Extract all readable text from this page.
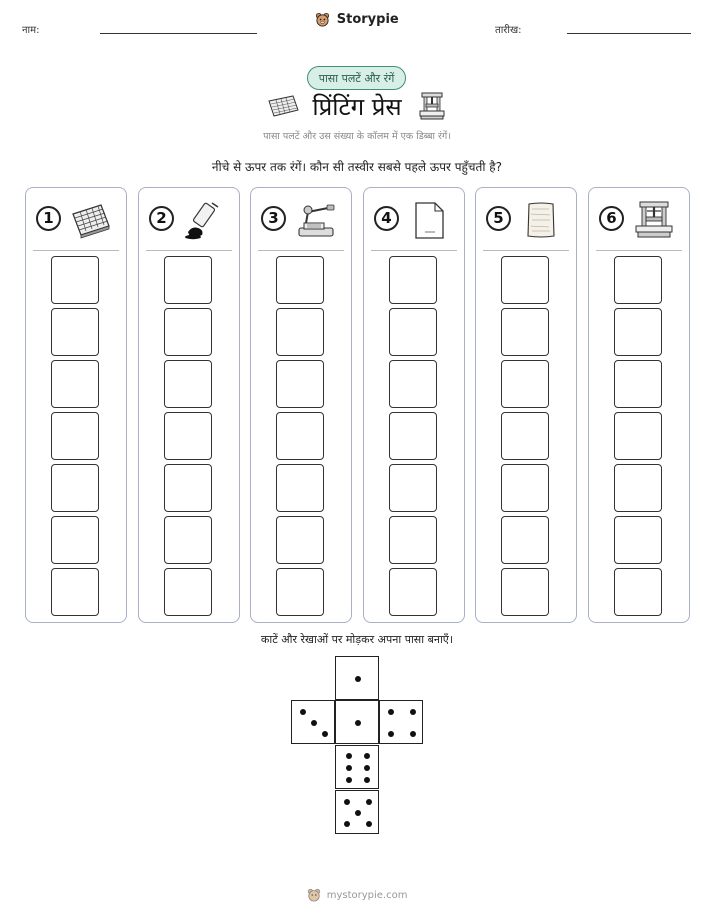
नाम:
Storypie
तारीख:
पासा पलटें और रंगें
प्रिंटिंग प्रेस
पासा पलटें और उस संख्या के कॉलम में एक डिब्बा रंगें।
नीचे से ऊपर तक रंगें। कौन सी तस्वीर सबसे पहले ऊपर पहुँचती है?
1	2	3	4	5	6
काटें और रेखाओं पर मोड़कर अपना पासा बनाएँ।
mystorypie.com
